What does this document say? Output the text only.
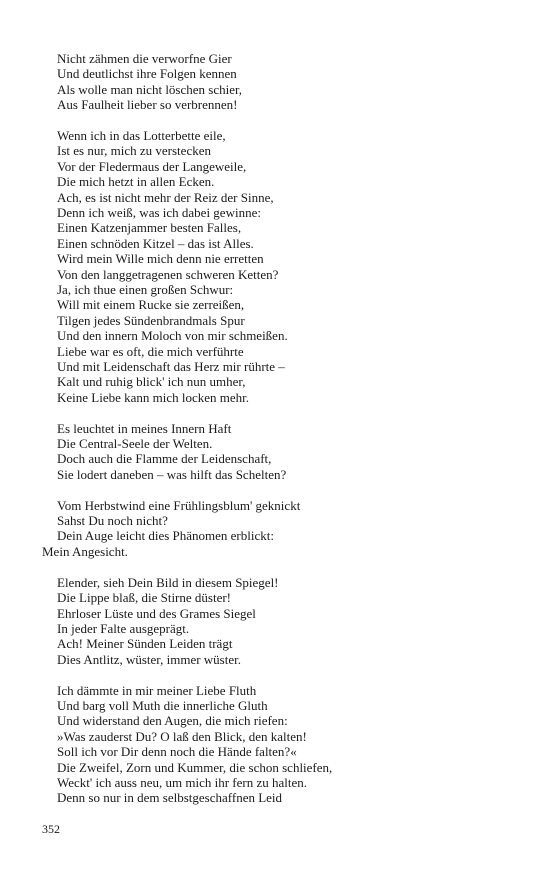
Nicht zähmen die verworfne Gier
Und deutlichst ihre Folgen kennen
Als wolle man nicht löschen schier,
Aus Faulheit lieber so verbrennen!
Wenn ich in das Lotterbette eile,
Ist es nur, mich zu verstecken
Vor der Fledermaus der Langeweile,
Die mich hetzt in allen Ecken.
Ach, es ist nicht mehr der Reiz der Sinne,
Denn ich weiß, was ich dabei gewinne:
Einen Katzenjammer besten Falles,
Einen schnöden Kitzel – das ist Alles.
Wird mein Wille mich denn nie erretten
Von den langgetragenen schweren Ketten?
Ja, ich thue einen großen Schwur:
Will mit einem Rucke sie zerreißen,
Tilgen jedes Sündenbrandmals Spur
Und den innern Moloch von mir schmeißen.
Liebe war es oft, die mich verführte
Und mit Leidenschaft das Herz mir rührte –
Kalt und ruhig blick' ich nun umher,
Keine Liebe kann mich locken mehr.
Es leuchtet in meines Innern Haft
Die Central-Seele der Welten.
Doch auch die Flamme der Leidenschaft,
Sie lodert daneben – was hilft das Schelten?
Vom Herbstwind eine Frühlingsblum' geknickt
Sahst Du noch nicht?
Dein Auge leicht dies Phänomen erblickt:
Mein Angesicht.
Elender, sieh Dein Bild in diesem Spiegel!
Die Lippe blaß, die Stirne düster!
Ehrloser Lüste und des Grames Siegel
In jeder Falte ausgeprägt.
Ach! Meiner Sünden Leiden trägt
Dies Antlitz, wüster, immer wüster.
Ich dämmte in mir meiner Liebe Fluth
Und barg voll Muth die innerliche Gluth
Und widerstand den Augen, die mich riefen:
»Was zauderst Du? O laß den Blick, den kalten!
Soll ich vor Dir denn noch die Hände falten?«
Die Zweifel, Zorn und Kummer, die schon schliefen,
Weckt' ich auss neu, um mich ihr fern zu halten.
Denn so nur in dem selbstgeschaffnen Leid
352
